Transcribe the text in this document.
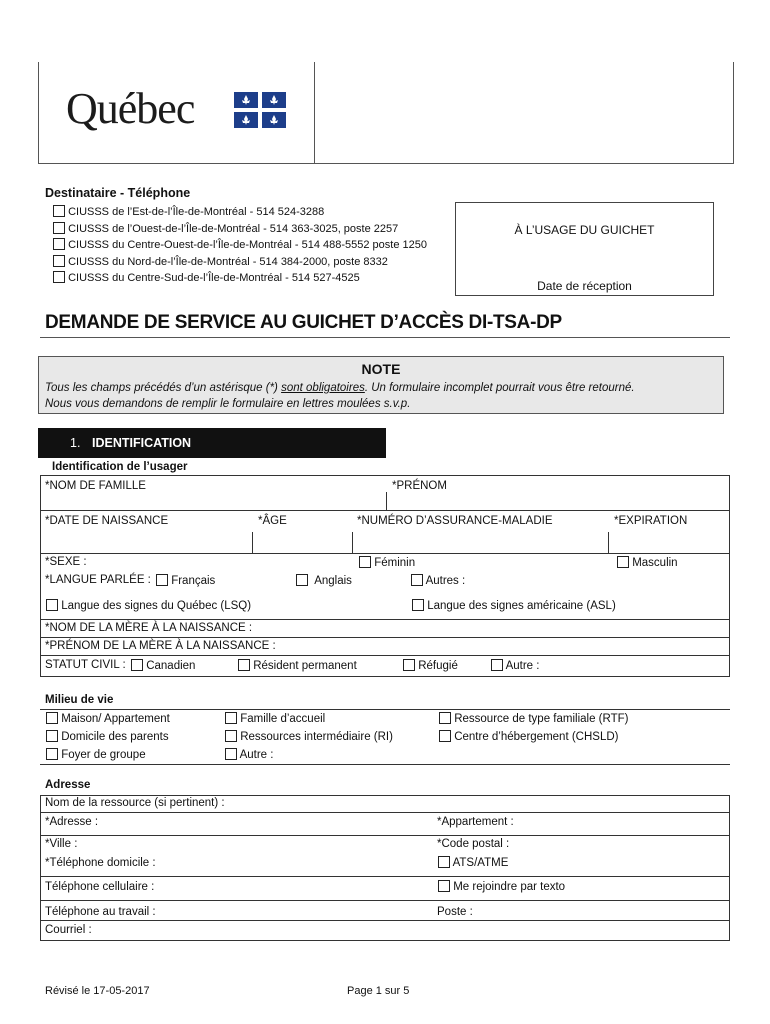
Québec
Destinataire - Téléphone
CIUSSS de l’Est-de-l’Île-de-Montréal - 514 524-3288
CIUSSS de l’Ouest-de-l’Île-de-Montréal - 514 363-3025, poste 2257
CIUSSS du Centre-Ouest-de-l’Île-de-Montréal - 514 488-5552 poste 1250
CIUSSS du Nord-de-l’Île-de-Montréal - 514 384-2000, poste 8332
CIUSSS du Centre-Sud-de-l’Île-de-Montréal - 514 527-4525
À L’USAGE DU GUICHET
Date de réception
DEMANDE DE SERVICE AU GUICHET D’ACCÈS DI-TSA-DP
NOTE
Tous les champs précédés d’un astérisque (*) sont obligatoires. Un formulaire incomplet pourrait vous être retourné.
Nous vous demandons de remplir le formulaire en lettres moulées s.v.p.
1. IDENTIFICATION
Identification de l’usager
*NOM DE FAMILLE	*PRÉNOM
*DATE DE NAISSANCE	*ÂGE	*NUMÉRO D’ASSURANCE-MALADIE	*EXPIRATION
*SEXE :	Féminin	Masculin
*LANGUE PARLÉE :	Français	Anglais	Autres :
Langue des signes du Québec (LSQ)	Langue des signes américaine (ASL)
*NOM DE LA MÈRE À LA NAISSANCE :
*PRÉNOM DE LA MÈRE À LA NAISSANCE :
STATUT CIVIL :	Canadien	Résident permanent	Réfugié	Autre :
Milieu de vie
Maison/ Appartement	Famille d’accueil	Ressource de type familiale (RTF)
Domicile des parents	Ressources intermédiaire (RI)	Centre d’hébergement (CHSLD)
Foyer de groupe	Autre :
Adresse
Nom de la ressource (si pertinent) :
*Adresse :	*Appartement :
*Ville :	*Code postal :
*Téléphone domicile :	ATS/ATME
Téléphone cellulaire :	Me rejoindre par texto
Téléphone au travail :	Poste :
Courriel :
Révisé le 17-05-2017	Page 1 sur 5
